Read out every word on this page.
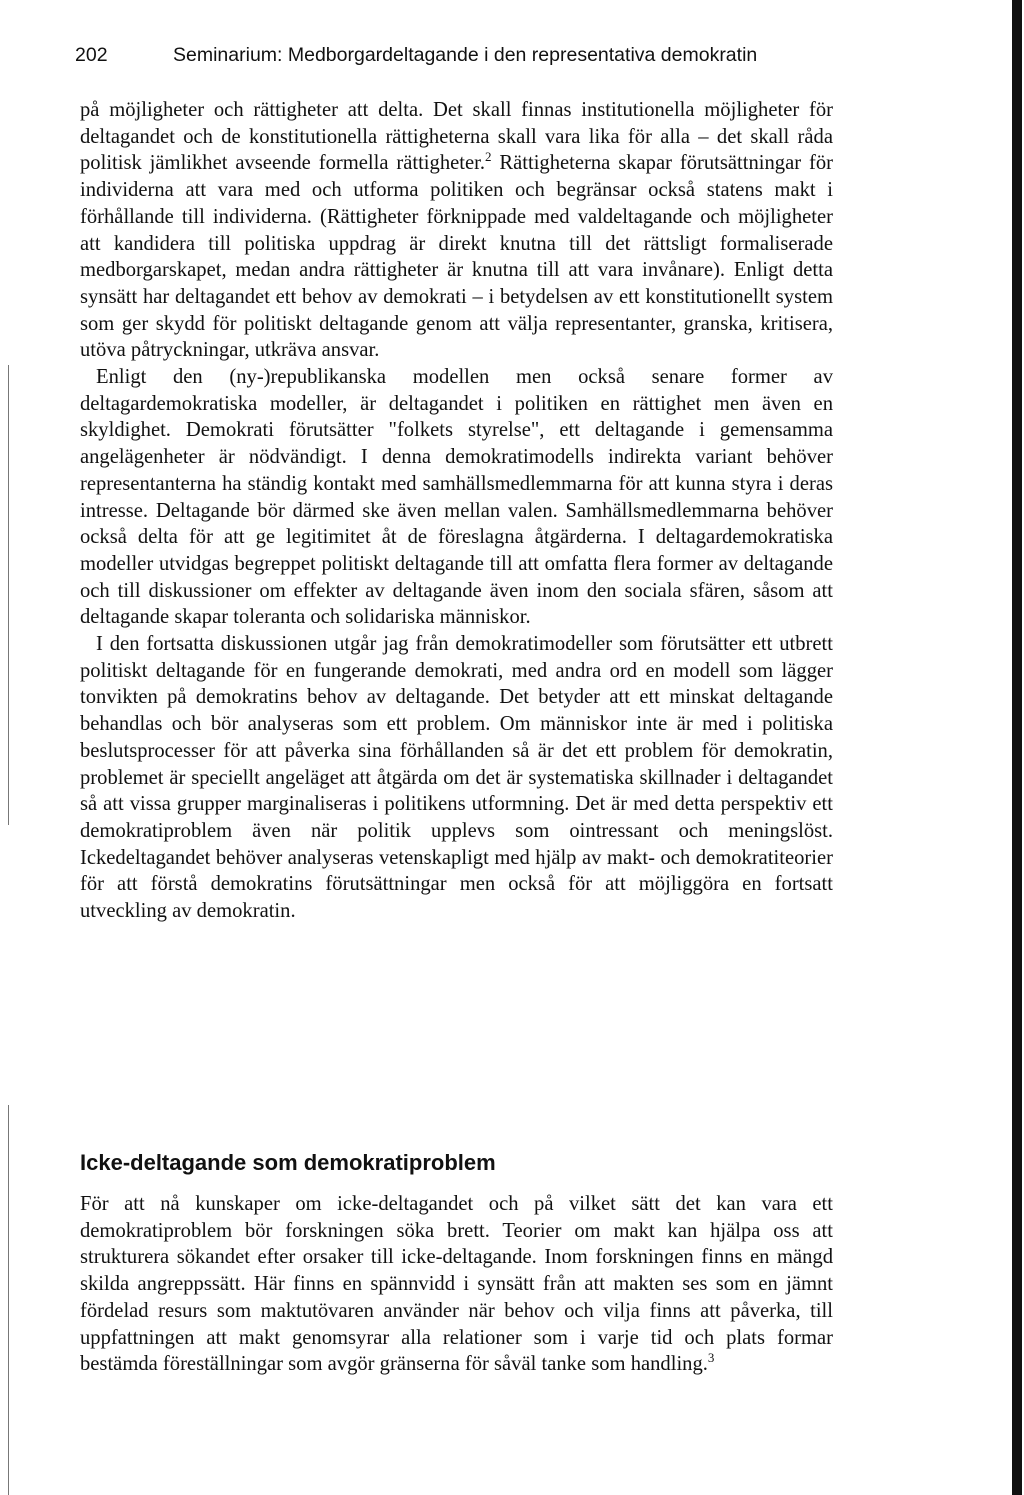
202	Seminarium: Medborgardeltagande i den representativa demokratin

på möjligheter och rättigheter att delta. Det skall finnas institutionella möjligheter för deltagandet och de konstitutionella rättigheterna skall vara lika för alla – det skall råda politisk jämlikhet avseende formella rättigheter.$^2$ Rättigheterna skapar förutsättningar för individerna att vara med och utforma politiken och begränsar också statens makt i förhållande till individerna. (Rättigheter förknippade med valdeltagande och möjligheter att kandidera till politiska uppdrag är direkt knutna till det rättsligt formaliserade medborgarskapet, medan andra rättigheter är knutna till att vara invånare). Enligt detta synsätt har deltagandet ett behov av demokrati – i betydelsen av ett konstitutionellt system som ger skydd för politiskt deltagande genom att välja representanter, granska, kritisera, utöva påtryckningar, utkräva ansvar.

Enligt den (ny-)republikanska modellen men också senare former av deltagardemokratiska modeller, är deltagandet i politiken en rättighet men även en skyldighet. Demokrati förutsätter "folkets styrelse", ett deltagande i gemensamma angelägenheter är nödvändigt. I denna demokratimodells indirekta variant behöver representanterna ha ständig kontakt med samhällsmedlemmarna för att kunna styra i deras intresse. Deltagande bör därmed ske även mellan valen. Samhällsmedlemmarna behöver också delta för att ge legitimitet åt de föreslagna åtgärderna. I deltagardemokratiska modeller utvidgas begreppet politiskt deltagande till att omfatta flera former av deltagande och till diskussioner om effekter av deltagande även inom den sociala sfären, såsom att deltagande skapar toleranta och solidariska människor.

I den fortsatta diskussionen utgår jag från demokratimodeller som förutsätter ett utbrett politiskt deltagande för en fungerande demokrati, med andra ord en modell som lägger tonvikten på demokratins behov av deltagande. Det betyder att ett minskat deltagande behandlas och bör analyseras som ett problem. Om människor inte är med i politiska beslutsprocesser för att påverka sina förhållanden så är det ett problem för demokratin, problemet är speciellt angeläget att åtgärda om det är systematiska skillnader i deltagandet så att vissa grupper marginaliseras i politikens utformning. Det är med detta perspektiv ett demokratiproblem även när politik upplevs som ointressant och meningslöst. Ickedeltagandet behöver analyseras vetenskapligt med hjälp av makt- och demokratiteorier för att förstå demokratins förutsättningar men också för att möjliggöra en fortsatt utveckling av demokratin.

Icke-deltagande som demokratiproblem

För att nå kunskaper om icke-deltagandet och på vilket sätt det kan vara ett demokratiproblem bör forskningen söka brett. Teorier om makt kan hjälpa oss att strukturera sökandet efter orsaker till icke-deltagande. Inom forskningen finns en mängd skilda angreppssätt. Här finns en spännvidd i synsätt från att makten ses som en jämnt fördelad resurs som maktutövaren använder när behov och vilja finns att påverka, till uppfattningen att makt genomsyrar alla relationer som i varje tid och plats formar bestämda föreställningar som avgör gränserna för såväl tanke som handling.$^3$
